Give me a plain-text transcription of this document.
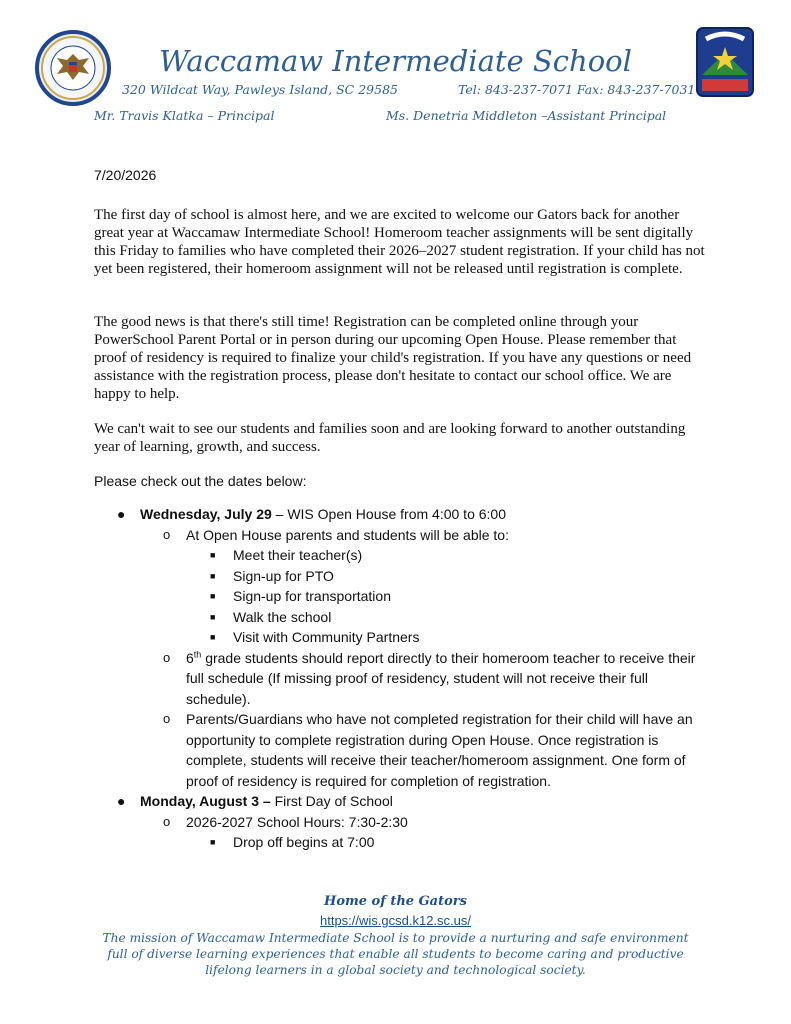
Waccamaw Intermediate School
320 Wildcat Way, Pawleys Island, SC 29585	Tel: 843-237-7071 Fax: 843-237-7031
Mr. Travis Klatka – Principal	Ms. Denetria Middleton –Assistant Principal
7/20/2026

The first day of school is almost here, and we are excited to welcome our Gators back for another great year at Waccamaw Intermediate School! Homeroom teacher assignments will be sent digitally this Friday to families who have completed their 2026–2027 student registration. If your child has not yet been registered, their homeroom assignment will not be released until registration is complete.

The good news is that there's still time! Registration can be completed online through your PowerSchool Parent Portal or in person during our upcoming Open House. Please remember that proof of residency is required to finalize your child's registration. If you have any questions or need assistance with the registration process, please don't hesitate to contact our school office. We are happy to help.

We can't wait to see our students and families soon and are looking forward to another outstanding year of learning, growth, and success.

Please check out the dates below:
● Wednesday, July 29 – WIS Open House from 4:00 to 6:00
o At Open House parents and students will be able to:
■ Meet their teacher(s)
■ Sign-up for PTO
■ Sign-up for transportation
■ Walk the school
■ Visit with Community Partners
o 6th grade students should report directly to their homeroom teacher to receive their full schedule (If missing proof of residency, student will not receive their full schedule).
o Parents/Guardians who have not completed registration for their child will have an opportunity to complete registration during Open House. Once registration is complete, students will receive their teacher/homeroom assignment. One form of proof of residency is required for completion of registration.
● Monday, August 3 – First Day of School
o 2026-2027 School Hours: 7:30-2:30
■ Drop off begins at 7:00
Home of the Gators
https://wis.gcsd.k12.sc.us/
The mission of Waccamaw Intermediate School is to provide a nurturing and safe environment full of diverse learning experiences that enable all students to become caring and productive lifelong learners in a global society and technological society.
